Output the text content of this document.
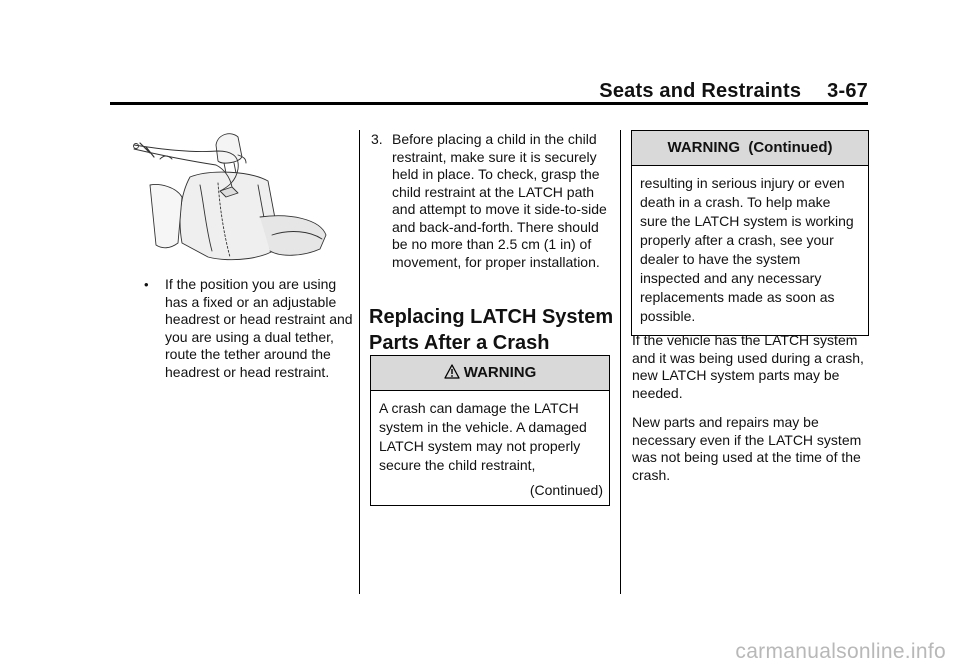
Seats and Restraints 3-67
• If the position you are using has a fixed or an adjustable headrest or head restraint and you are using a dual tether, route the tether around the headrest or head restraint.
3. Before placing a child in the child restraint, make sure it is securely held in place. To check, grasp the child restraint at the LATCH path and attempt to move it side-to-side and back-and-forth. There should be no more than 2.5 cm (1 in) of movement, for proper installation.
Replacing LATCH System Parts After a Crash
WARNING
A crash can damage the LATCH system in the vehicle. A damaged LATCH system may not properly secure the child restraint,
(Continued)
WARNING  (Continued)
resulting in serious injury or even death in a crash. To help make sure the LATCH system is working properly after a crash, see your dealer to have the system inspected and any necessary replacements made as soon as possible.
If the vehicle has the LATCH system and it was being used during a crash, new LATCH system parts may be needed.
New parts and repairs may be necessary even if the LATCH system was not being used at the time of the crash.
carmanualsonline.info
